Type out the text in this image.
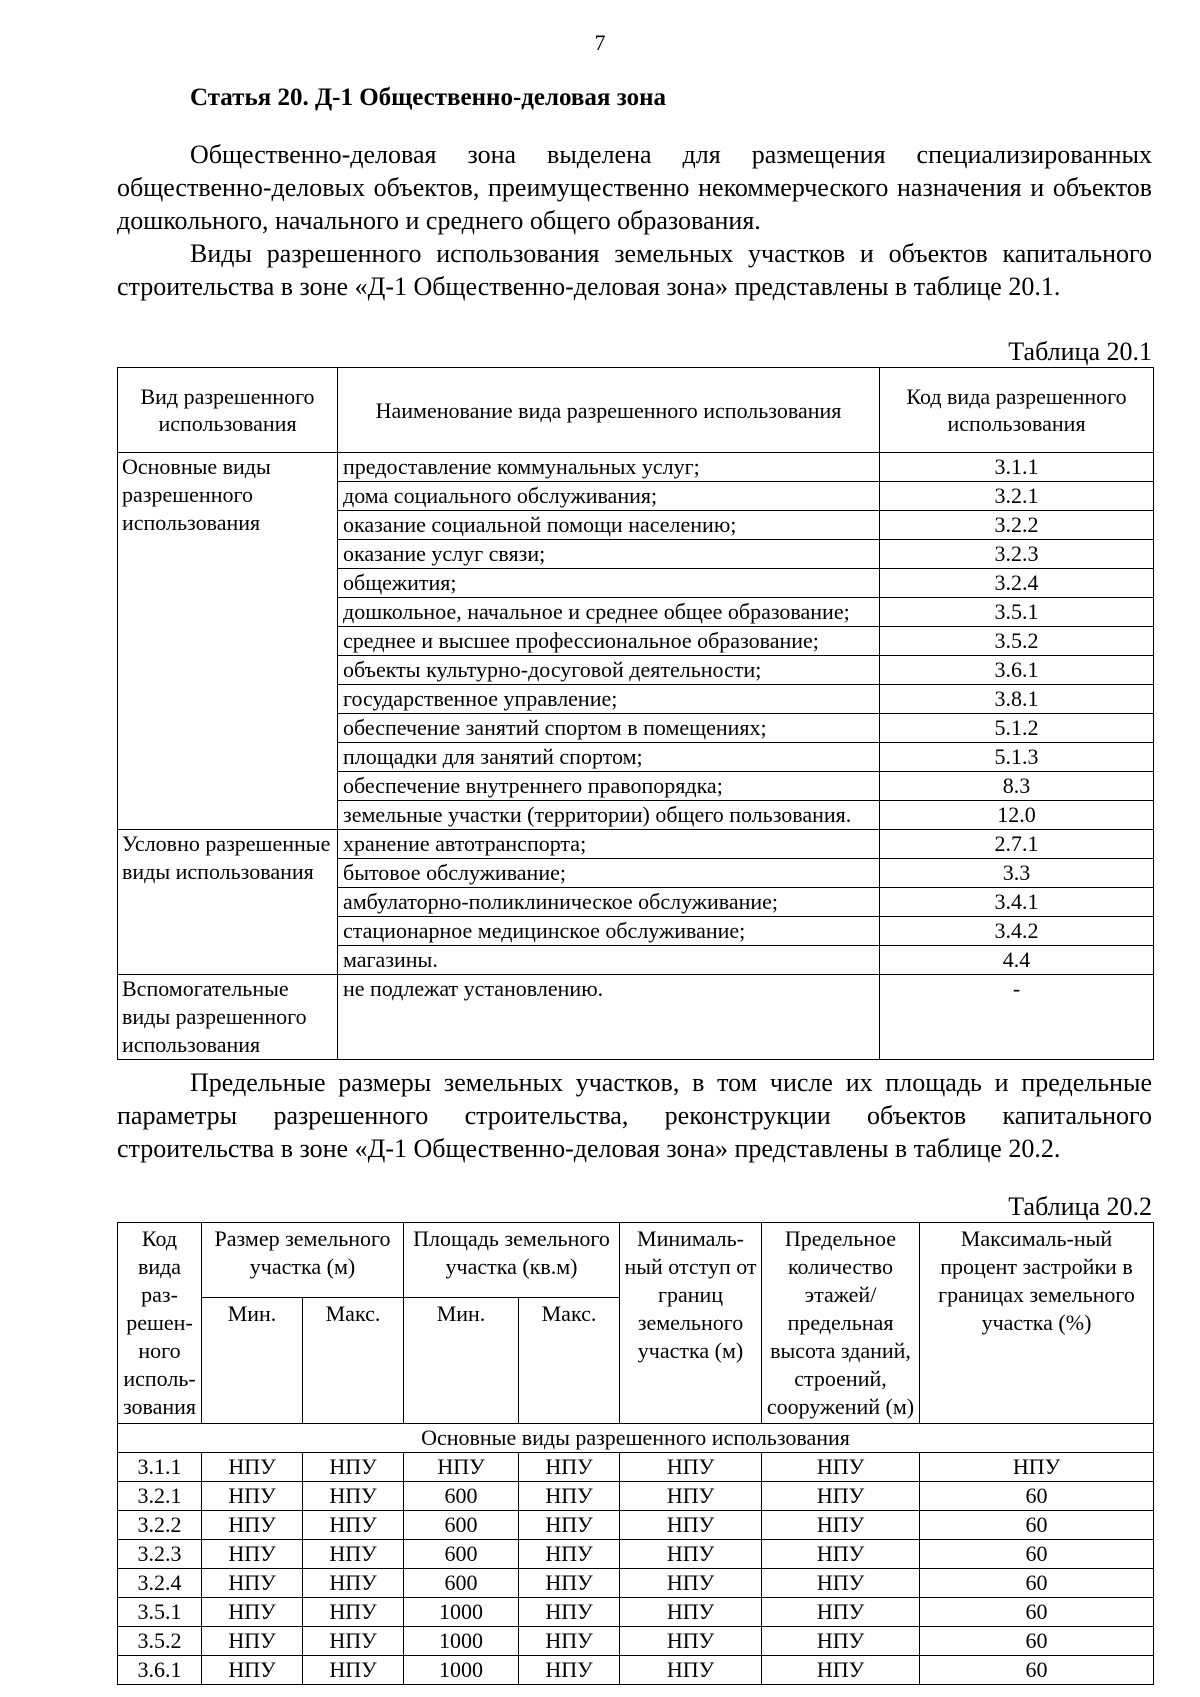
7
Статья 20. Д-1 Общественно-деловая зона
Общественно-деловая зона выделена для размещения специализированных общественно-деловых объектов, преимущественно некоммерческого назначения и объектов дошкольного, начального и среднего общего образования.
Виды разрешенного использования земельных участков и объектов капитального строительства в зоне «Д-1 Общественно-деловая зона» представлены в таблице 20.1.
Таблица 20.1
Вид разрешенного использования	Наименование вида разрешенного использования	Код вида разрешенного использования
Основные виды разрешенного использования	предоставление коммунальных услуг;	3.1.1
	дома социального обслуживания;	3.2.1
	оказание социальной помощи населению;	3.2.2
	оказание услуг связи;	3.2.3
	общежития;	3.2.4
	дошкольное, начальное и среднее общее образование;	3.5.1
	среднее и высшее профессиональное образование;	3.5.2
	объекты культурно-досуговой деятельности;	3.6.1
	государственное управление;	3.8.1
	обеспечение занятий спортом в помещениях;	5.1.2
	площадки для занятий спортом;	5.1.3
	обеспечение внутреннего правопорядка;	8.3
	земельные участки (территории) общего пользования.	12.0
Условно разрешенные виды использования	хранение автотранспорта;	2.7.1
	бытовое обслуживание;	3.3
	амбулаторно-поликлиническое обслуживание;	3.4.1
	стационарное медицинское обслуживание;	3.4.2
	магазины.	4.4
Вспомогательные виды разрешенного использования	не подлежат установлению.	-
Предельные размеры земельных участков, в том числе их площадь и предельные параметры разрешенного строительства, реконструкции объектов капитального строительства в зоне «Д-1 Общественно-деловая зона» представлены в таблице 20.2.
Таблица 20.2
Код вида раз-решен-ного исполь-зования	Размер земельного участка (м)		Площадь земельного участка (кв.м)		Минималь-ный отступ от границ земельного участка (м)	Предельное количество этажей/ предельная высота зданий, строений, сооружений (м)	Максималь-ный процент застройки в границах земельного участка (%)
	Мин.	Макс.	Мин.	Макс.			
Основные виды разрешенного использования							
3.1.1	НПУ	НПУ	НПУ	НПУ	НПУ	НПУ	НПУ
3.2.1	НПУ	НПУ	600	НПУ	НПУ	НПУ	60
3.2.2	НПУ	НПУ	600	НПУ	НПУ	НПУ	60
3.2.3	НПУ	НПУ	600	НПУ	НПУ	НПУ	60
3.2.4	НПУ	НПУ	600	НПУ	НПУ	НПУ	60
3.5.1	НПУ	НПУ	1000	НПУ	НПУ	НПУ	60
3.5.2	НПУ	НПУ	1000	НПУ	НПУ	НПУ	60
3.6.1	НПУ	НПУ	1000	НПУ	НПУ	НПУ	60
